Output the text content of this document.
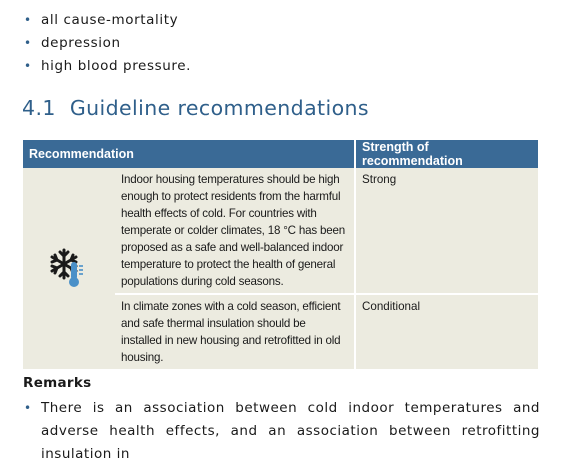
• all cause-mortality
• depression
• high blood pressure.
4.1 Guideline recommendations
Recommendation		Strength of recommendation
	Indoor housing temperatures should be high enough to protect residents from the harmful health effects of cold. For countries with temperate or colder climates, 18 °C has been proposed as a safe and well-balanced indoor temperature to protect the health of general populations during cold seasons.	Strong
	In climate zones with a cold season, efficient and safe thermal insulation should be installed in new housing and retrofitted in old housing.	Conditional
Remarks
• There is an association between cold indoor temperatures and adverse health effects, and an association between retrofitting insulation in
